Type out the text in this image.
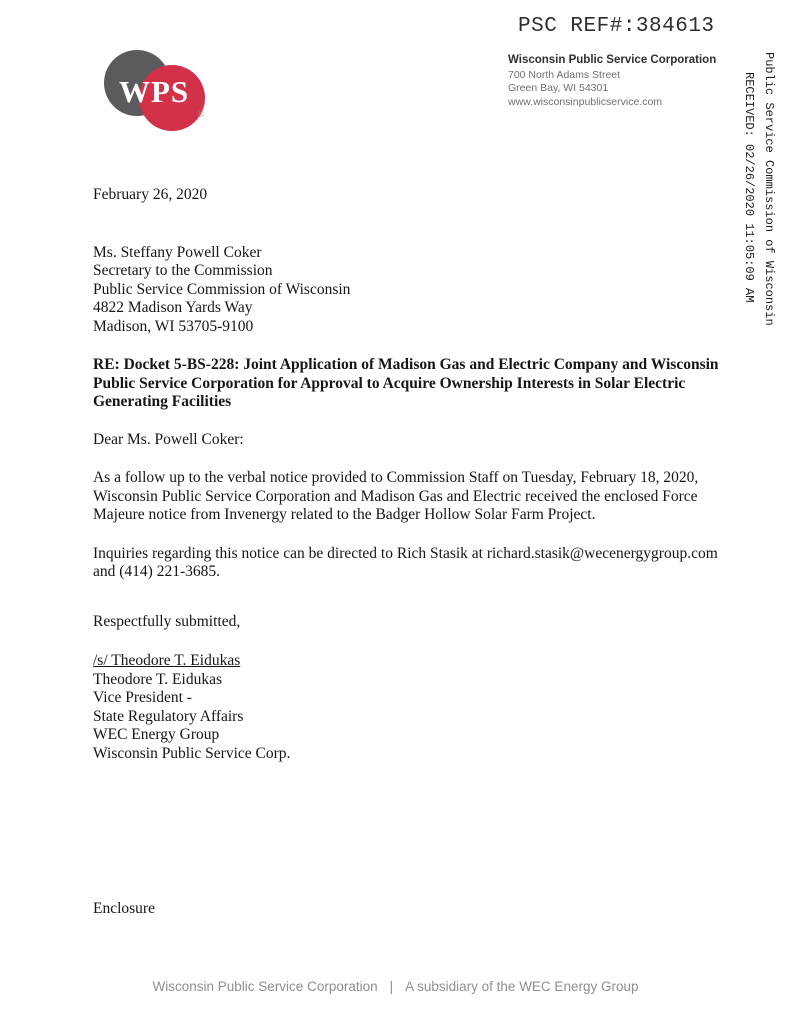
PSC REF#:384613
Public Service Commission of Wisconsin
RECEIVED: 02/26/2020 11:05:09 AM
WPS
®
Wisconsin Public Service Corporation
700 North Adams Street
Green Bay, WI 54301
www.wisconsinpublicservice.com
February 26, 2020
Ms. Steffany Powell Coker
Secretary to the Commission
Public Service Commission of Wisconsin
4822 Madison Yards Way
Madison, WI 53705-9100
RE: Docket 5-BS-228: Joint Application of Madison Gas and Electric Company and Wisconsin Public Service Corporation for Approval to Acquire Ownership Interests in Solar Electric Generating Facilities
Dear Ms. Powell Coker:
As a follow up to the verbal notice provided to Commission Staff on Tuesday, February 18, 2020, Wisconsin Public Service Corporation and Madison Gas and Electric received the enclosed Force Majeure notice from Invenergy related to the Badger Hollow Solar Farm Project.
Inquiries regarding this notice can be directed to Rich Stasik at richard.stasik@wecenergygroup.com and (414) 221-3685.
Respectfully submitted,
/s/ Theodore T. Eidukas
Theodore T. Eidukas
Vice President -
State Regulatory Affairs
WEC Energy Group
Wisconsin Public Service Corp.
Enclosure
Wisconsin Public Service Corporation | A subsidiary of the WEC Energy Group
